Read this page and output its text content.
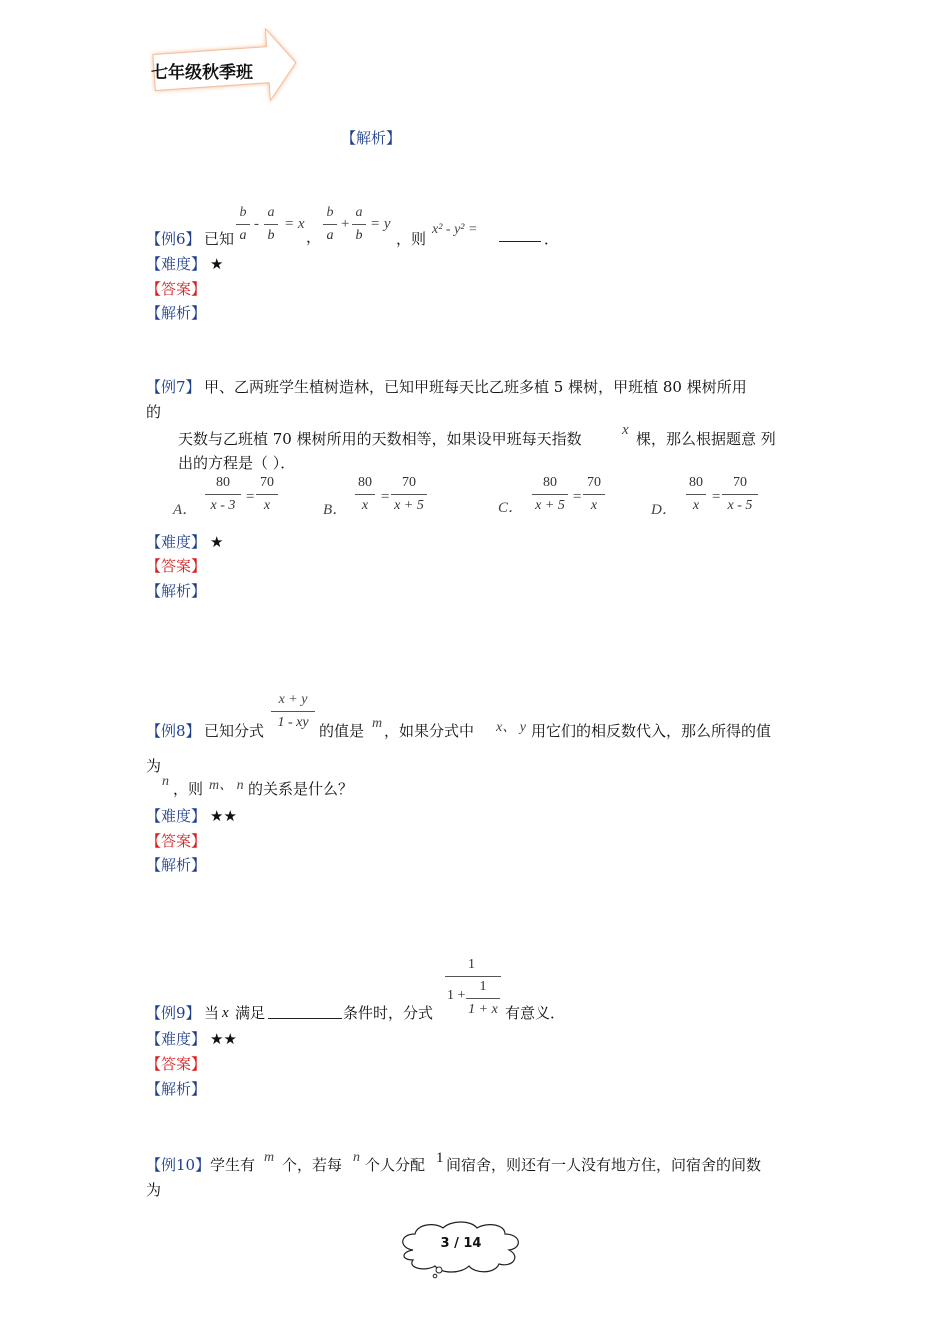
七年级秋季班
【解析】
b
a
-
a
b
= x
，
b
a
+
a
b
= y
【例6】 已知	，则
x² - y² =
．
【难度】 ★
【答案】
【解析】
【例7】 甲、乙两班学生植树造林，已知甲班每天比乙班多植 5 棵树，甲班植 80 棵树所用
的
天数与乙班植 70 棵树所用的天数相等，如果设甲班每天指数	x 棵，那么根据题意 列
出的方程是（ ）．
A．
80
x - 3
=
70
x	B．
80
x
=
70
x + 5	C．
80
x + 5
=
70
x	D．
80
x
=
70
x - 5
【难度】 ★
【答案】
【解析】
x + y
1 - xy
【例8】 已知分式	的值是 m ，如果分式中 x、 y 用它们的相反数代入，那么所得的值
为
n ，则 m、 n 的关系是什么？
【难度】 ★★
【答案】
【解析】
1
1 +
1
1 + x
【例9】 当 x 满足	条件时，分式	有意义．
【难度】 ★★
【答案】
【解析】
【例10】 学生有 m 个，若每 n 个人分配 1 间宿舍，则还有一人没有地方住，问宿舍的间数
为
3 / 14
